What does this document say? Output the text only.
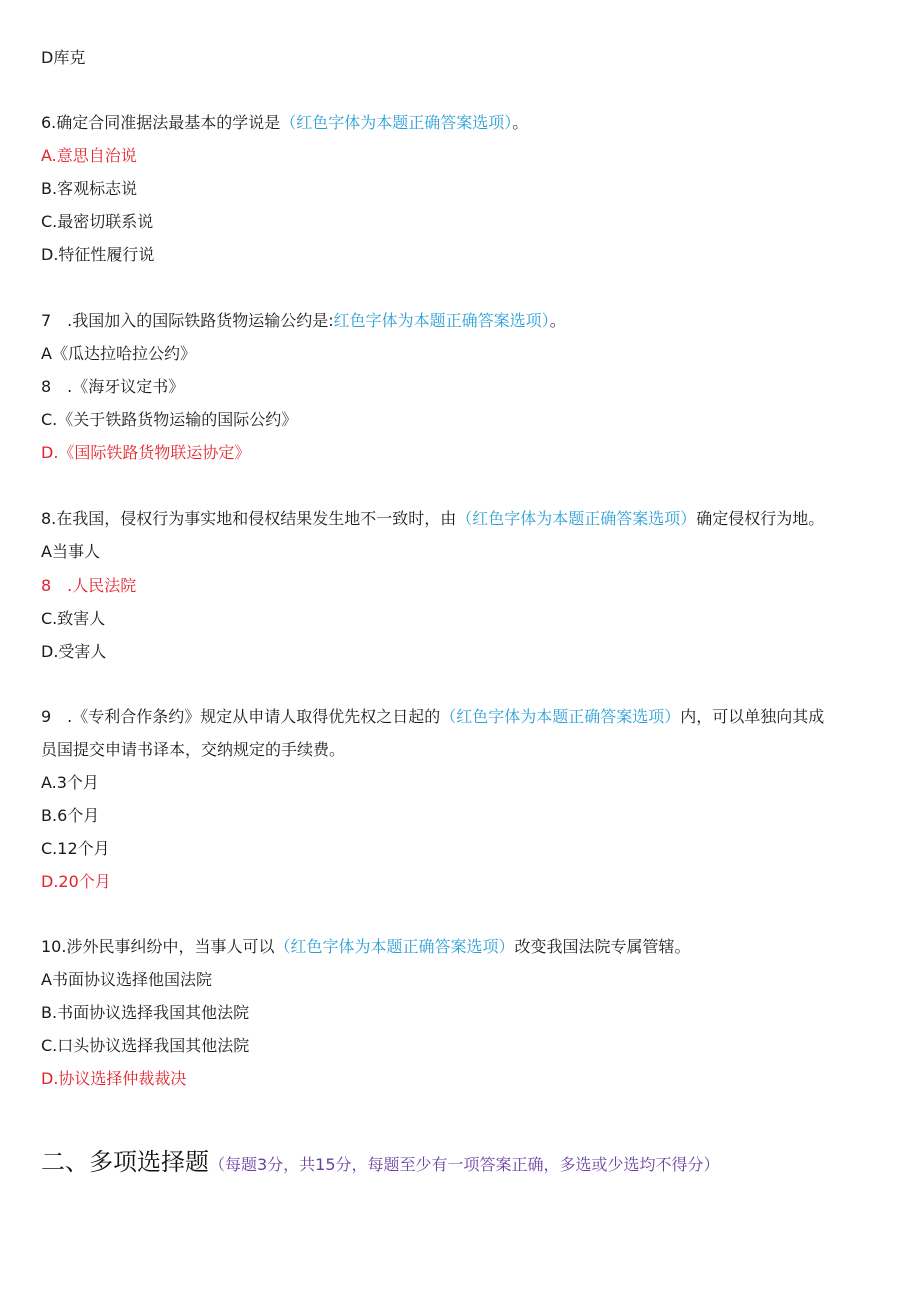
D库克
6.确定合同准据法最基本的学说是（红色字体为本题正确答案选项）。
A.意思自治说
B.客观标志说
C.最密切联系说
D.特征性履行说
7　.我国加入的国际铁路货物运输公约是:红色字体为本题正确答案选项）。
A《瓜达拉哈拉公约》
8　.《海牙议定书》
C.《关于铁路货物运输的国际公约》
D.《国际铁路货物联运协定》
8.在我国，侵权行为事实地和侵权结果发生地不一致时，由（红色字体为本题正确答案选项）确定侵权行为地。
A当事人
8　.人民法院
C.致害人
D.受害人
9　.《专利合作条约》规定从申请人取得优先权之日起的（红色字体为本题正确答案选项）内，可以单独向其成
员国提交申请书译本，交纳规定的手续费。
A.3个月
B.6个月
C.12个月
D.20个月
10.涉外民事纠纷中，当事人可以（红色字体为本题正确答案选项）改变我国法院专属管辖。
A书面协议选择他国法院
B.书面协议选择我国其他法院
C.口头协议选择我国其他法院
D.协议选择仲裁裁决
二、多项选择题（每题3分，共15分，每题至少有一项答案正确，多选或少选均不得分）
